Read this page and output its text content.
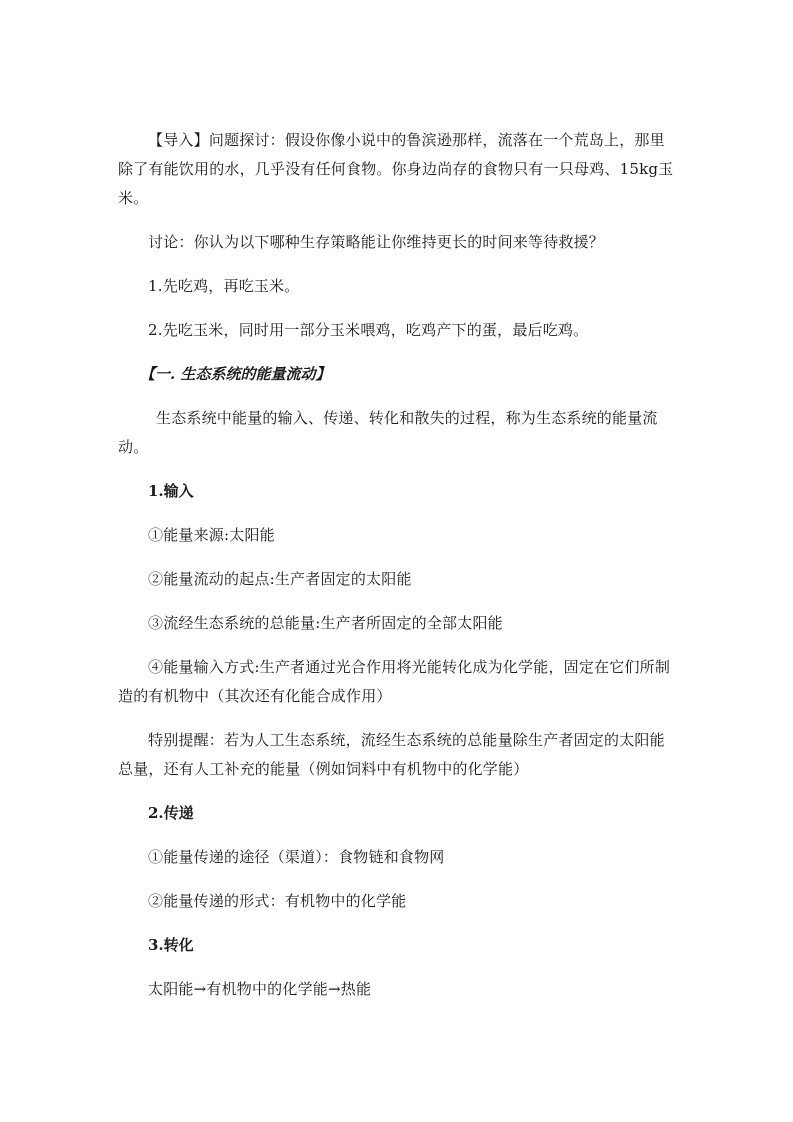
【导入】问题探讨：假设你像小说中的鲁滨逊那样，流落在一个荒岛上，那里除了有能饮用的水，几乎没有任何食物。你身边尚存的食物只有一只母鸡、15kg玉米。

讨论：你认为以下哪种生存策略能让你维持更长的时间来等待救援？

1.先吃鸡，再吃玉米。

2.先吃玉米，同时用一部分玉米喂鸡，吃鸡产下的蛋，最后吃鸡。

【一. 生态系统的能量流动】

生态系统中能量的输入、传递、转化和散失的过程，称为生态系统的能量流动。

1.输入

①能量来源:太阳能

②能量流动的起点:生产者固定的太阳能

③流经生态系统的总能量:生产者所固定的全部太阳能

④能量输入方式:生产者通过光合作用将光能转化成为化学能，固定在它们所制造的有机物中（其次还有化能合成作用）

特别提醒：若为人工生态系统，流经生态系统的总能量除生产者固定的太阳能总量，还有人工补充的能量（例如饲料中有机物中的化学能）

2.传递

①能量传递的途径（渠道）：食物链和食物网

②能量传递的形式：有机物中的化学能

3.转化

太阳能→有机物中的化学能→热能
